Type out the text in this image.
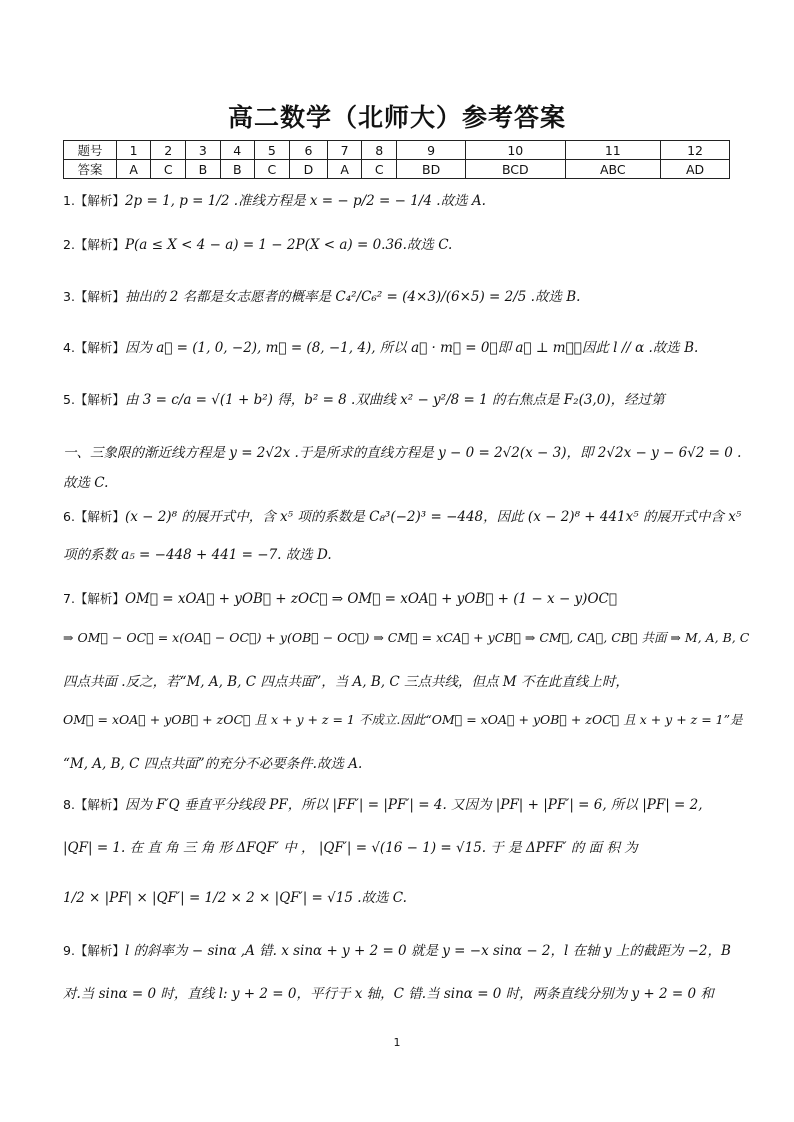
高二数学（北师大）参考答案
题号	1	2	3	4	5	6	7	8	9	10	11	12
答案	A	C	B	B	C	D	A	C	BD	BCD	ABC	AD
1.【解析】2p = 1, p = 1/2 .准线方程是 x = − p/2 = − 1/4 .故选 A.
2.【解析】P(a ≤ X < 4 − a) = 1 − 2P(X < a) = 0.36.故选 C.
3.【解析】抽出的 2 名都是女志愿者的概率是 C₄²/C₆² = (4×3)/(6×5) = 2/5 .故选 B.
4.【解析】因为 a⃗ = (1, 0, −2), m⃗ = (8, −1, 4), 所以 a⃗ · m⃗ = 0，即 a⃗ ⊥ m⃗，因此 l // α .故选 B.
5.【解析】由 3 = c/a = √(1 + b²) 得，b² = 8 .双曲线 x² − y²/8 = 1 的右焦点是 F₂(3,0)，经过第
一、三象限的渐近线方程是 y = 2√2x .于是所求的直线方程是 y − 0 = 2√2(x − 3)，即 2√2x − y − 6√2 = 0 .
故选 C.
6.【解析】(x − 2)⁸ 的展开式中，含 x⁵ 项的系数是 C₈³(−2)³ = −448，因此 (x − 2)⁸ + 441x⁵ 的展开式中含 x⁵
项的系数 a₅ = −448 + 441 = −7. 故选 D.
7.【解析】OM⃗ = xOA⃗ + yOB⃗ + zOC⃗ ⇒ OM⃗ = xOA⃗ + yOB⃗ + (1 − x − y)OC⃗
⇒ OM⃗ − OC⃗ = x(OA⃗ − OC⃗) + y(OB⃗ − OC⃗) ⇒ CM⃗ = xCA⃗ + yCB⃗ ⇒ CM⃗, CA⃗, CB⃗ 共面 ⇒ M, A, B, C
四点共面 .反之，若“M, A, B, C 四点共面”，当 A, B, C 三点共线，但点 M 不在此直线上时，
OM⃗ = xOA⃗ + yOB⃗ + zOC⃗ 且 x + y + z = 1 不成立.因此“OM⃗ = xOA⃗ + yOB⃗ + zOC⃗ 且 x + y + z = 1”是
“M, A, B, C 四点共面”的充分不必要条件.故选 A.
8.【解析】因为 F′Q 垂直平分线段 PF，所以 |FF′| = |PF′| = 4. 又因为 |PF| + |PF′| = 6, 所以 |PF| = 2,
|QF| = 1. 在 直 角 三 角 形 ΔFQF′ 中 ， |QF′| = √(16 − 1) = √15. 于 是 ΔPFF′ 的 面 积 为
1/2 × |PF| × |QF′| = 1/2 × 2 × |QF′| = √15 .故选 C.
9.【解析】l 的斜率为 − sinα ,A 错. x sinα + y + 2 = 0 就是 y = −x sinα − 2，l 在轴 y 上的截距为 −2，B
对.当 sinα = 0 时，直线 l: y + 2 = 0，平行于 x 轴，C 错.当 sinα = 0 时，两条直线分别为 y + 2 = 0 和
1
